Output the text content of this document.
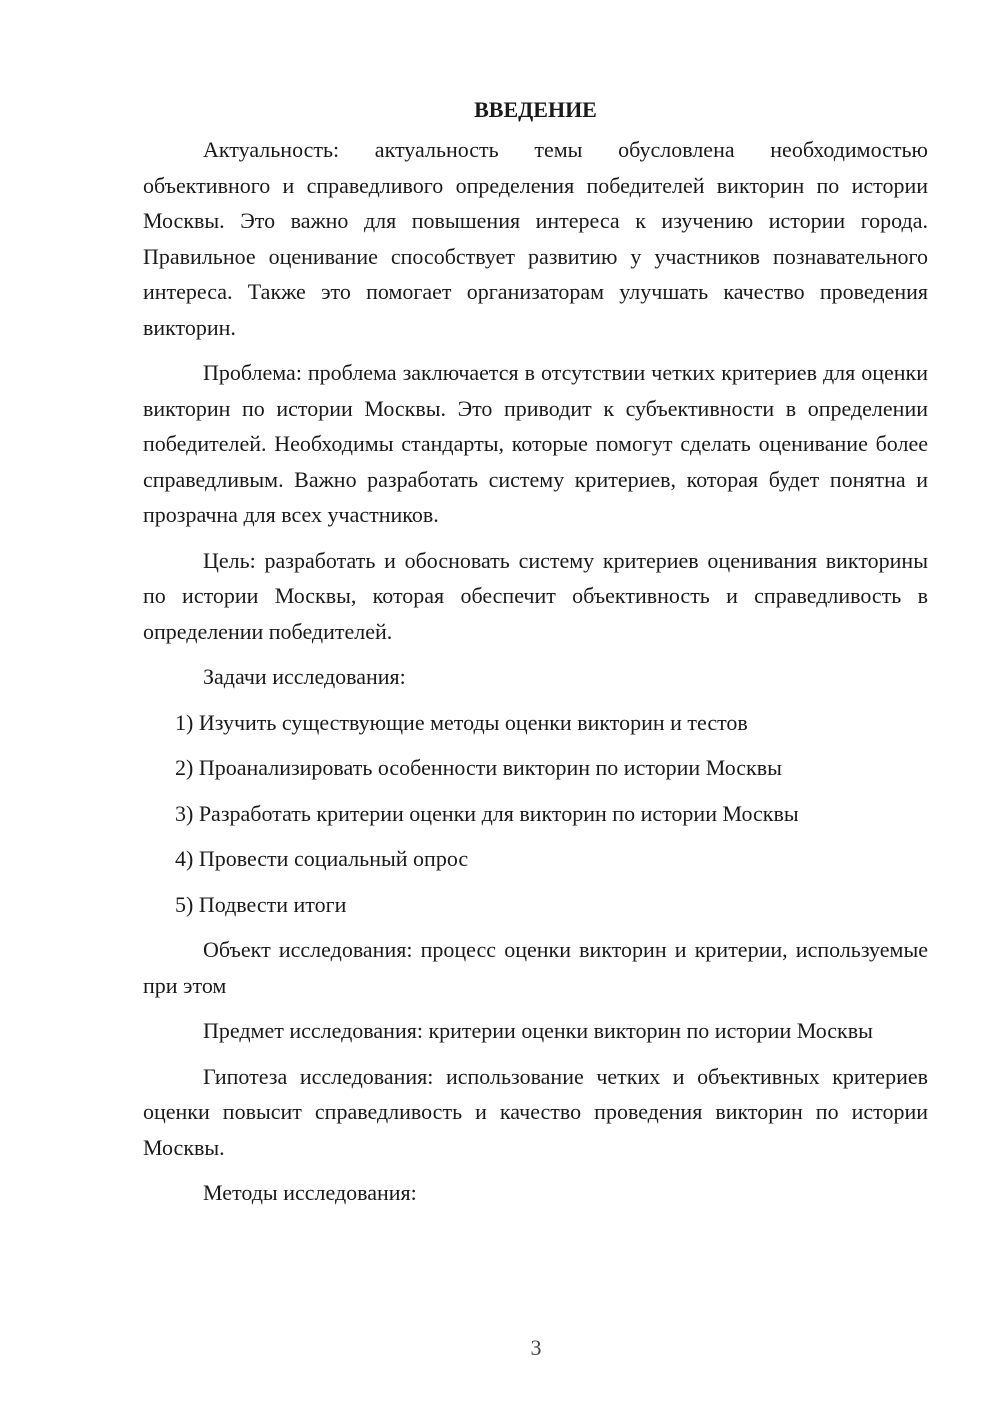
ВВЕДЕНИЕ

Актуальность: актуальность темы обусловлена необходимостью объективного и справедливого определения победителей викторин по истории Москвы. Это важно для повышения интереса к изучению истории города. Правильное оценивание способствует развитию у участников познавательного интереса. Также это помогает организаторам улучшать качество проведения викторин.

Проблема: проблема заключается в отсутствии четких критериев для оценки викторин по истории Москвы. Это приводит к субъективности в определении победителей. Необходимы стандарты, которые помогут сделать оценивание более справедливым. Важно разработать систему критериев, которая будет понятна и прозрачна для всех участников.

Цель: разработать и обосновать систему критериев оценивания викторины по истории Москвы, которая обеспечит объективность и справедливость в определении победителей.

Задачи исследования:

1) Изучить существующие методы оценки викторин и тестов

2) Проанализировать особенности викторин по истории Москвы

3) Разработать критерии оценки для викторин по истории Москвы

4) Провести социальный опрос

5) Подвести итоги

Объект исследования: процесс оценки викторин и критерии, используемые при этом

Предмет исследования: критерии оценки викторин по истории Москвы

Гипотеза исследования: использование четких и объективных критериев оценки повысит справедливость и качество проведения викторин по истории Москвы.

Методы исследования:

3
